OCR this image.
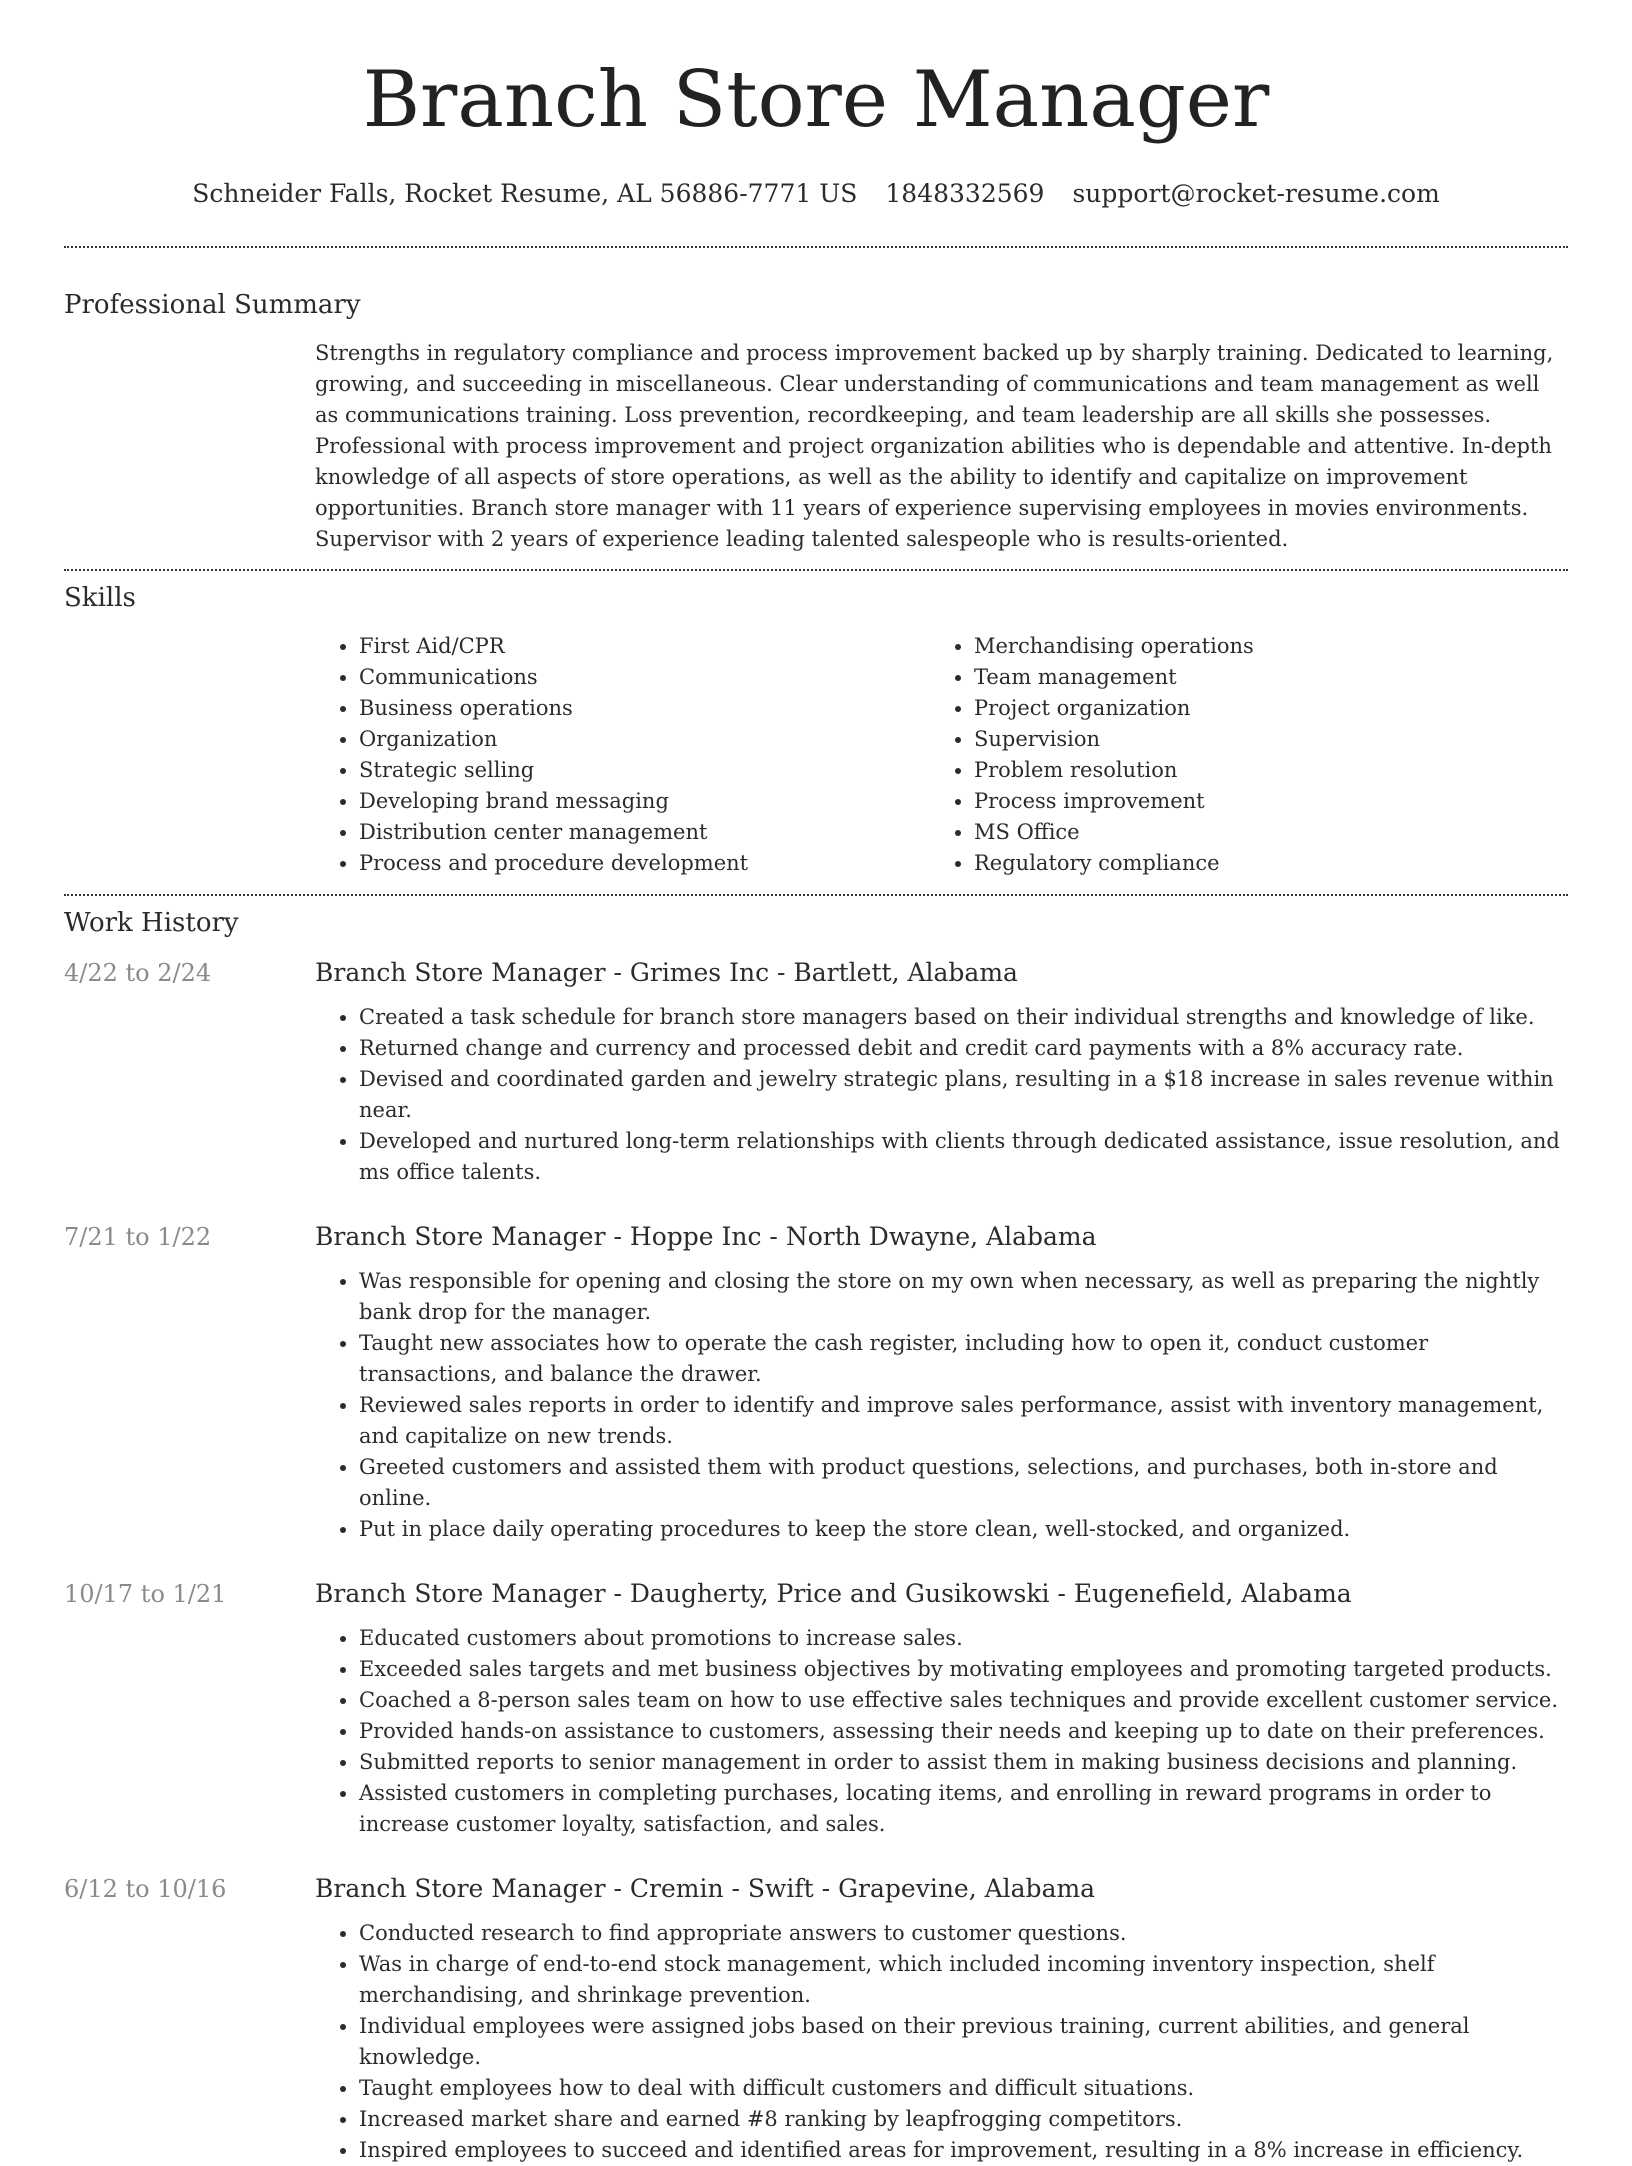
Branch Store Manager
Schneider Falls, Rocket Resume, AL 56886-7771 US 1848332569 support@rocket-resume.com
Professional Summary

Strengths in regulatory compliance and process improvement backed up by sharply training. Dedicated to learning, growing, and succeeding in miscellaneous. Clear understanding of communications and team management as well as communications training. Loss prevention, recordkeeping, and team leadership are all skills she possesses. Professional with process improvement and project organization abilities who is dependable and attentive. In-depth knowledge of all aspects of store operations, as well as the ability to identify and capitalize on improvement opportunities. Branch store manager with 11 years of experience supervising employees in movies environments. Supervisor with 2 years of experience leading talented salespeople who is results-oriented.

Skills
• First Aid/CPR
• Communications
• Business operations
• Organization
• Strategic selling
• Developing brand messaging
• Distribution center management
• Process and procedure development
• Merchandising operations
• Team management
• Project organization
• Supervision
• Problem resolution
• Process improvement
• MS Office
• Regulatory compliance
Work History
4/22 to 2/24	Branch Store Manager - Grimes Inc - Bartlett, Alabama
• Created a task schedule for branch store managers based on their individual strengths and knowledge of like.
• Returned change and currency and processed debit and credit card payments with a 8% accuracy rate.
• Devised and coordinated garden and jewelry strategic plans, resulting in a $18 increase in sales revenue within near.
• Developed and nurtured long-term relationships with clients through dedicated assistance, issue resolution, and ms office talents.
7/21 to 1/22	Branch Store Manager - Hoppe Inc - North Dwayne, Alabama
• Was responsible for opening and closing the store on my own when necessary, as well as preparing the nightly bank drop for the manager.
• Taught new associates how to operate the cash register, including how to open it, conduct customer transactions, and balance the drawer.
• Reviewed sales reports in order to identify and improve sales performance, assist with inventory management, and capitalize on new trends.
• Greeted customers and assisted them with product questions, selections, and purchases, both in-store and online.
• Put in place daily operating procedures to keep the store clean, well-stocked, and organized.
10/17 to 1/21	Branch Store Manager - Daugherty, Price and Gusikowski - Eugenefield, Alabama
• Educated customers about promotions to increase sales.
• Exceeded sales targets and met business objectives by motivating employees and promoting targeted products.
• Coached a 8-person sales team on how to use effective sales techniques and provide excellent customer service.
• Provided hands-on assistance to customers, assessing their needs and keeping up to date on their preferences.
• Submitted reports to senior management in order to assist them in making business decisions and planning.
• Assisted customers in completing purchases, locating items, and enrolling in reward programs in order to increase customer loyalty, satisfaction, and sales.
6/12 to 10/16	Branch Store Manager - Cremin - Swift - Grapevine, Alabama
• Conducted research to find appropriate answers to customer questions.
• Was in charge of end-to-end stock management, which included incoming inventory inspection, shelf merchandising, and shrinkage prevention.
• Individual employees were assigned jobs based on their previous training, current abilities, and general knowledge.
• Taught employees how to deal with difficult customers and difficult situations.
• Increased market share and earned #8 ranking by leapfrogging competitors.
• Inspired employees to succeed and identified areas for improvement, resulting in a 8% increase in efficiency.
